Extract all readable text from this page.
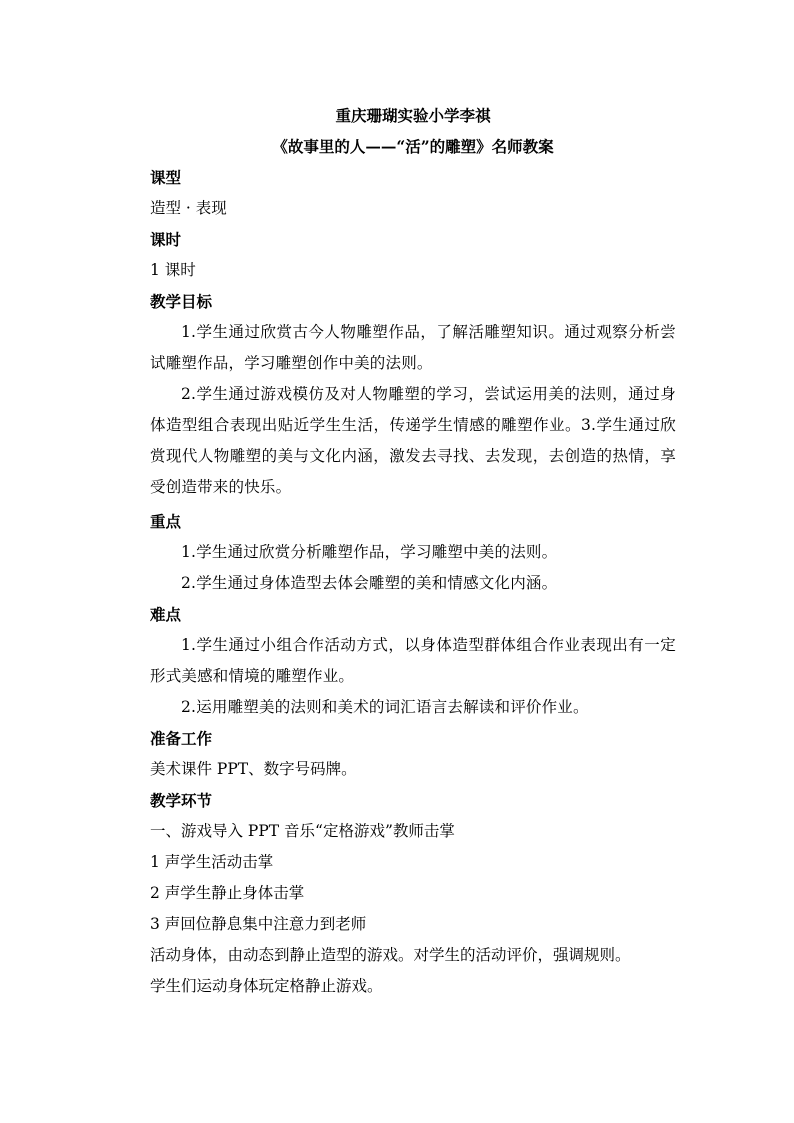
重庆珊瑚实验小学李祺

《故事里的人——“活”的雕塑》名师教案

课型

造型 · 表现

课时

1 课时

教学目标

1.学生通过欣赏古今人物雕塑作品，了解活雕塑知识。通过观察分析尝试雕塑作品，学习雕塑创作中美的法则。

2.学生通过游戏模仿及对人物雕塑的学习，尝试运用美的法则，通过身体造型组合表现出贴近学生生活，传递学生情感的雕塑作业。3.学生通过欣赏现代人物雕塑的美与文化内涵，激发去寻找、去发现，去创造的热情，享受创造带来的快乐。

重点

1.学生通过欣赏分析雕塑作品，学习雕塑中美的法则。

2.学生通过身体造型去体会雕塑的美和情感文化内涵。

难点

1.学生通过小组合作活动方式，以身体造型群体组合作业表现出有一定形式美感和情境的雕塑作业。

2.运用雕塑美的法则和美术的词汇语言去解读和评价作业。

准备工作

美术课件 PPT、数字号码牌。

教学环节

一、游戏导入 PPT 音乐“定格游戏”教师击掌

1 声学生活动击掌

2 声学生静止身体击掌

3 声回位静息集中注意力到老师

活动身体，由动态到静止造型的游戏。对学生的活动评价，强调规则。

学生们运动身体玩定格静止游戏。
